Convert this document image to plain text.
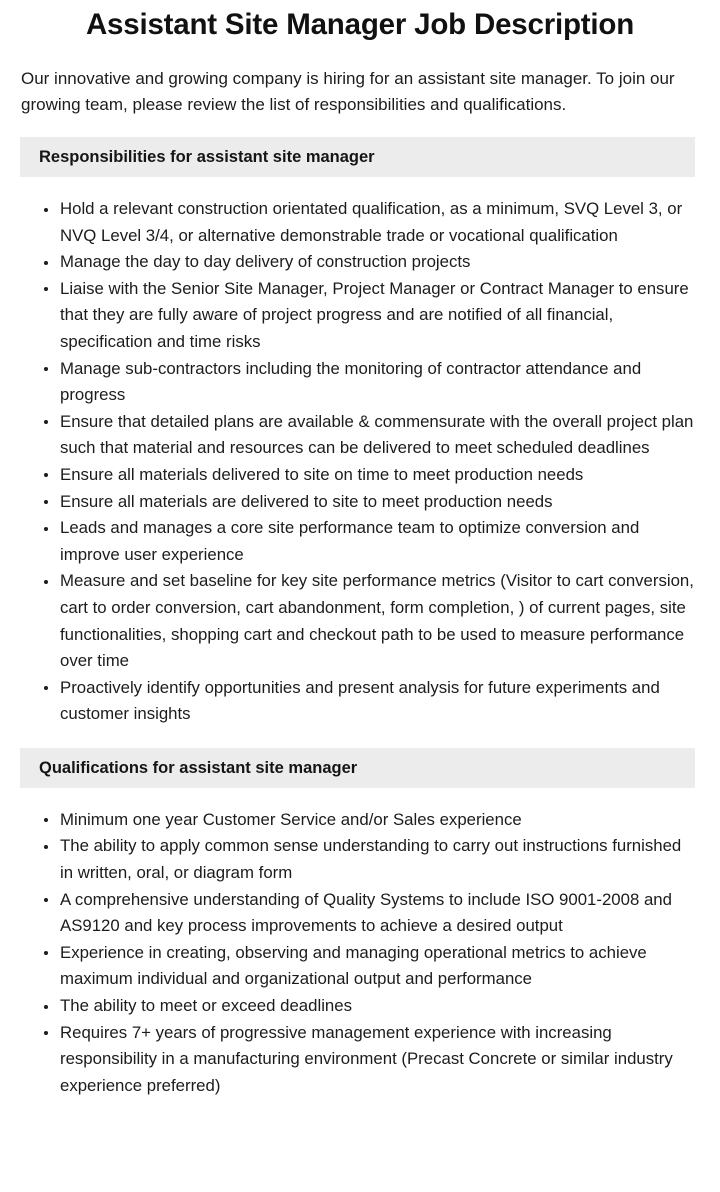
Assistant Site Manager Job Description

Our innovative and growing company is hiring for an assistant site manager. To join our growing team, please review the list of responsibilities and qualifications.

Responsibilities for assistant site manager
Hold a relevant construction orientated qualification, as a minimum, SVQ Level 3, or NVQ Level 3/4, or alternative demonstrable trade or vocational qualification
Manage the day to day delivery of construction projects
Liaise with the Senior Site Manager, Project Manager or Contract Manager to ensure that they are fully aware of project progress and are notified of all financial, specification and time risks
Manage sub-contractors including the monitoring of contractor attendance and progress
Ensure that detailed plans are available & commensurate with the overall project plan such that material and resources can be delivered to meet scheduled deadlines
Ensure all materials delivered to site on time to meet production needs
Ensure all materials are delivered to site to meet production needs
Leads and manages a core site performance team to optimize conversion and improve user experience
Measure and set baseline for key site performance metrics (Visitor to cart conversion, cart to order conversion, cart abandonment, form completion, ) of current pages, site functionalities, shopping cart and checkout path to be used to measure performance over time
Proactively identify opportunities and present analysis for future experiments and customer insights
Qualifications for assistant site manager
Minimum one year Customer Service and/or Sales experience
The ability to apply common sense understanding to carry out instructions furnished in written, oral, or diagram form
A comprehensive understanding of Quality Systems to include ISO 9001-2008 and AS9120 and key process improvements to achieve a desired output
Experience in creating, observing and managing operational metrics to achieve maximum individual and organizational output and performance
The ability to meet or exceed deadlines
Requires 7+ years of progressive management experience with increasing responsibility in a manufacturing environment (Precast Concrete or similar industry experience preferred)
